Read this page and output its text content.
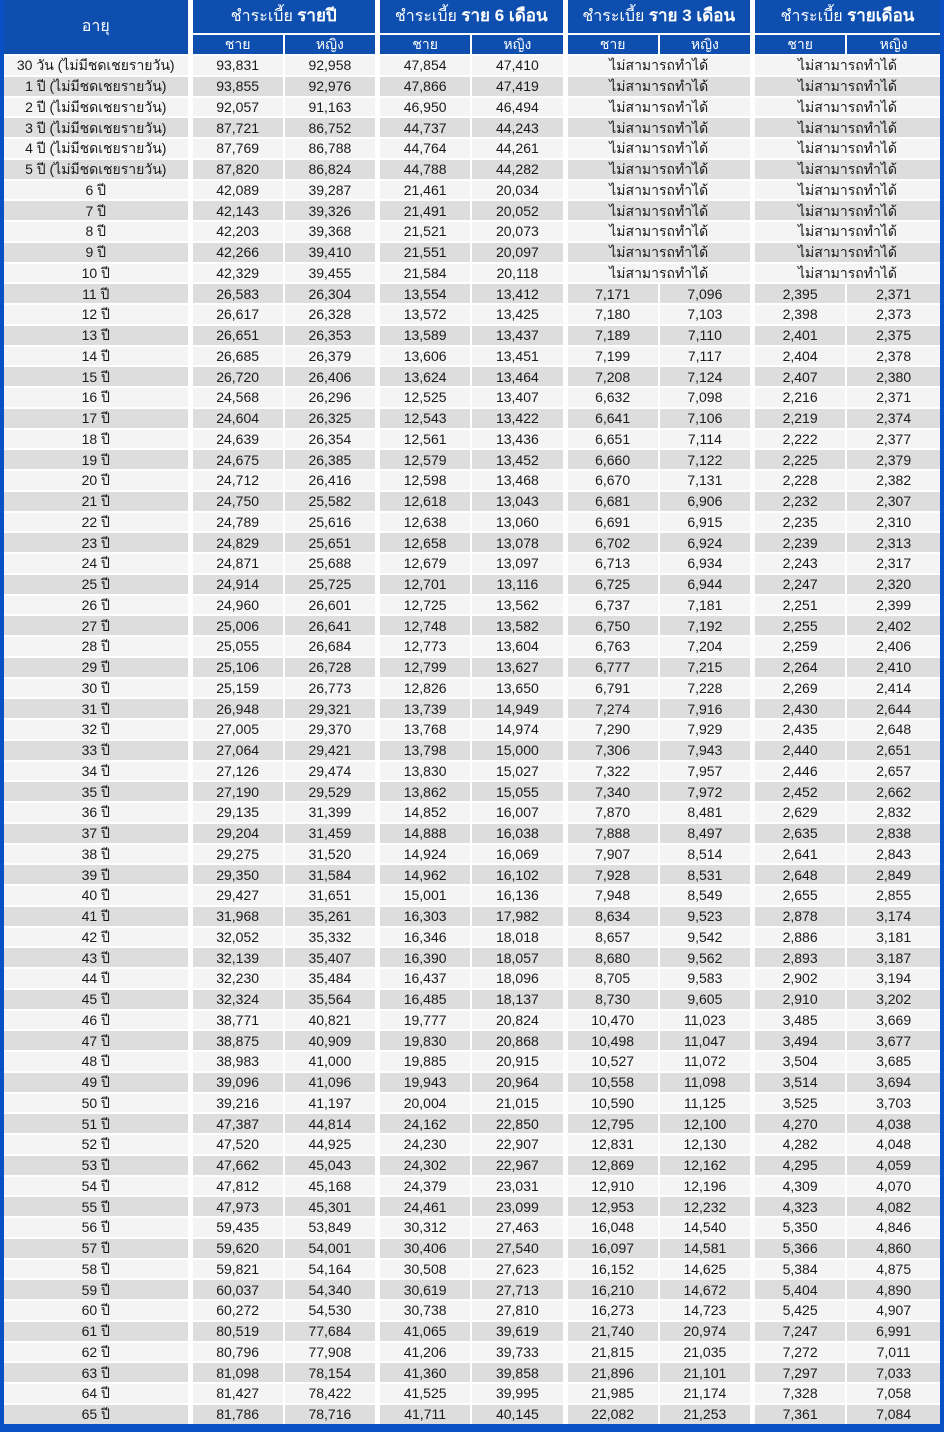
อายุ	ชำระเบี้ย รายปี		ชำระเบี้ย ราย 6 เดือน		ชำระเบี้ย ราย 3 เดือน		ชำระเบี้ย รายเดือน	
	ชาย	หญิง	ชาย	หญิง	ชาย	หญิง	ชาย	หญิง
30 วัน (ไม่มีชดเชยรายวัน)	93,831	92,958	47,854	47,410	ไม่สามารถทำได้		ไม่สามารถทำได้	
1 ปี (ไม่มีชดเชยรายวัน)	93,855	92,976	47,866	47,419	ไม่สามารถทำได้		ไม่สามารถทำได้	
2 ปี (ไม่มีชดเชยรายวัน)	92,057	91,163	46,950	46,494	ไม่สามารถทำได้		ไม่สามารถทำได้	
3 ปี (ไม่มีชดเชยรายวัน)	87,721	86,752	44,737	44,243	ไม่สามารถทำได้		ไม่สามารถทำได้	
4 ปี (ไม่มีชดเชยรายวัน)	87,769	86,788	44,764	44,261	ไม่สามารถทำได้		ไม่สามารถทำได้	
5 ปี (ไม่มีชดเชยรายวัน)	87,820	86,824	44,788	44,282	ไม่สามารถทำได้		ไม่สามารถทำได้	
6 ปี	42,089	39,287	21,461	20,034	ไม่สามารถทำได้		ไม่สามารถทำได้	
7 ปี	42,143	39,326	21,491	20,052	ไม่สามารถทำได้		ไม่สามารถทำได้	
8 ปี	42,203	39,368	21,521	20,073	ไม่สามารถทำได้		ไม่สามารถทำได้	
9 ปี	42,266	39,410	21,551	20,097	ไม่สามารถทำได้		ไม่สามารถทำได้	
10 ปี	42,329	39,455	21,584	20,118	ไม่สามารถทำได้		ไม่สามารถทำได้	
11 ปี	26,583	26,304	13,554	13,412	7,171	7,096	2,395	2,371
12 ปี	26,617	26,328	13,572	13,425	7,180	7,103	2,398	2,373
13 ปี	26,651	26,353	13,589	13,437	7,189	7,110	2,401	2,375
14 ปี	26,685	26,379	13,606	13,451	7,199	7,117	2,404	2,378
15 ปี	26,720	26,406	13,624	13,464	7,208	7,124	2,407	2,380
16 ปี	24,568	26,296	12,525	13,407	6,632	7,098	2,216	2,371
17 ปี	24,604	26,325	12,543	13,422	6,641	7,106	2,219	2,374
18 ปี	24,639	26,354	12,561	13,436	6,651	7,114	2,222	2,377
19 ปี	24,675	26,385	12,579	13,452	6,660	7,122	2,225	2,379
20 ปี	24,712	26,416	12,598	13,468	6,670	7,131	2,228	2,382
21 ปี	24,750	25,582	12,618	13,043	6,681	6,906	2,232	2,307
22 ปี	24,789	25,616	12,638	13,060	6,691	6,915	2,235	2,310
23 ปี	24,829	25,651	12,658	13,078	6,702	6,924	2,239	2,313
24 ปี	24,871	25,688	12,679	13,097	6,713	6,934	2,243	2,317
25 ปี	24,914	25,725	12,701	13,116	6,725	6,944	2,247	2,320
26 ปี	24,960	26,601	12,725	13,562	6,737	7,181	2,251	2,399
27 ปี	25,006	26,641	12,748	13,582	6,750	7,192	2,255	2,402
28 ปี	25,055	26,684	12,773	13,604	6,763	7,204	2,259	2,406
29 ปี	25,106	26,728	12,799	13,627	6,777	7,215	2,264	2,410
30 ปี	25,159	26,773	12,826	13,650	6,791	7,228	2,269	2,414
31 ปี	26,948	29,321	13,739	14,949	7,274	7,916	2,430	2,644
32 ปี	27,005	29,370	13,768	14,974	7,290	7,929	2,435	2,648
33 ปี	27,064	29,421	13,798	15,000	7,306	7,943	2,440	2,651
34 ปี	27,126	29,474	13,830	15,027	7,322	7,957	2,446	2,657
35 ปี	27,190	29,529	13,862	15,055	7,340	7,972	2,452	2,662
36 ปี	29,135	31,399	14,852	16,007	7,870	8,481	2,629	2,832
37 ปี	29,204	31,459	14,888	16,038	7,888	8,497	2,635	2,838
38 ปี	29,275	31,520	14,924	16,069	7,907	8,514	2,641	2,843
39 ปี	29,350	31,584	14,962	16,102	7,928	8,531	2,648	2,849
40 ปี	29,427	31,651	15,001	16,136	7,948	8,549	2,655	2,855
41 ปี	31,968	35,261	16,303	17,982	8,634	9,523	2,878	3,174
42 ปี	32,052	35,332	16,346	18,018	8,657	9,542	2,886	3,181
43 ปี	32,139	35,407	16,390	18,057	8,680	9,562	2,893	3,187
44 ปี	32,230	35,484	16,437	18,096	8,705	9,583	2,902	3,194
45 ปี	32,324	35,564	16,485	18,137	8,730	9,605	2,910	3,202
46 ปี	38,771	40,821	19,777	20,824	10,470	11,023	3,485	3,669
47 ปี	38,875	40,909	19,830	20,868	10,498	11,047	3,494	3,677
48 ปี	38,983	41,000	19,885	20,915	10,527	11,072	3,504	3,685
49 ปี	39,096	41,096	19,943	20,964	10,558	11,098	3,514	3,694
50 ปี	39,216	41,197	20,004	21,015	10,590	11,125	3,525	3,703
51 ปี	47,387	44,814	24,162	22,850	12,795	12,100	4,270	4,038
52 ปี	47,520	44,925	24,230	22,907	12,831	12,130	4,282	4,048
53 ปี	47,662	45,043	24,302	22,967	12,869	12,162	4,295	4,059
54 ปี	47,812	45,168	24,379	23,031	12,910	12,196	4,309	4,070
55 ปี	47,973	45,301	24,461	23,099	12,953	12,232	4,323	4,082
56 ปี	59,435	53,849	30,312	27,463	16,048	14,540	5,350	4,846
57 ปี	59,620	54,001	30,406	27,540	16,097	14,581	5,366	4,860
58 ปี	59,821	54,164	30,508	27,623	16,152	14,625	5,384	4,875
59 ปี	60,037	54,340	30,619	27,713	16,210	14,672	5,404	4,890
60 ปี	60,272	54,530	30,738	27,810	16,273	14,723	5,425	4,907
61 ปี	80,519	77,684	41,065	39,619	21,740	20,974	7,247	6,991
62 ปี	80,796	77,908	41,206	39,733	21,815	21,035	7,272	7,011
63 ปี	81,098	78,154	41,360	39,858	21,896	21,101	7,297	7,033
64 ปี	81,427	78,422	41,525	39,995	21,985	21,174	7,328	7,058
65 ปี	81,786	78,716	41,711	40,145	22,082	21,253	7,361	7,084
